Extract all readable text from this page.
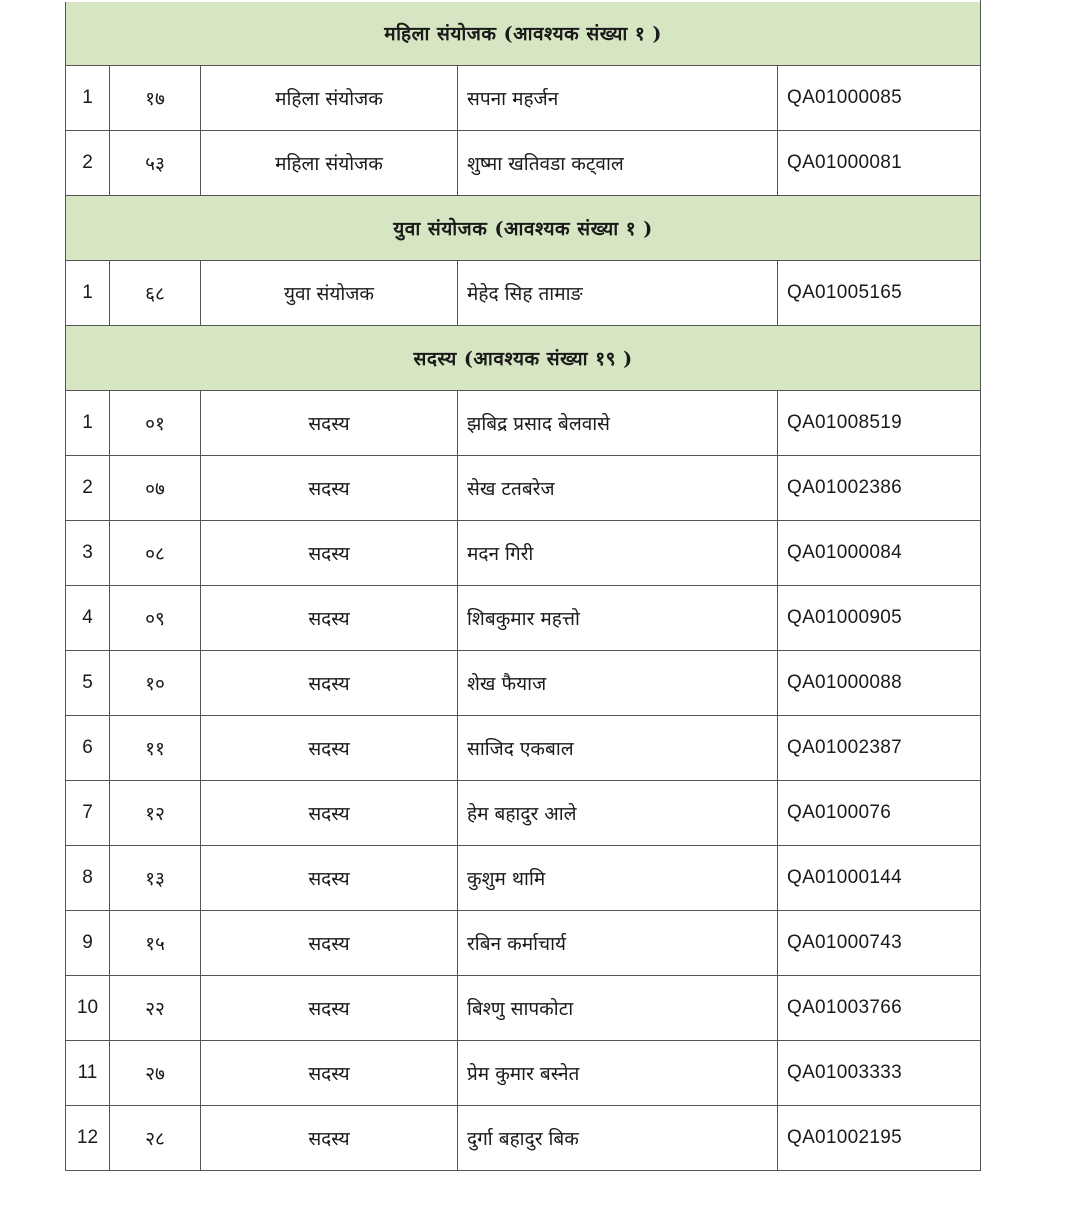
महिला संयोजक (आवश्यक संख्या १ )				
1	१७	महिला संयोजक	सपना महर्जन	QA01000085
2	५३	महिला संयोजक	शुष्मा खतिवडा कट्वाल	QA01000081
युवा संयोजक (आवश्यक संख्या १ )				
1	६८	युवा संयोजक	मेहेद सिह तामाङ	QA01005165
सदस्य (आवश्यक संख्या १९ )				
1	०१	सदस्य	झबिद्र प्रसाद बेलवासे	QA01008519
2	०७	सदस्य	सेख टतबरेज	QA01002386
3	०८	सदस्य	मदन गिरी	QA01000084
4	०९	सदस्य	शिबकुमार महत्तो	QA01000905
5	१०	सदस्य	शेख फैयाज	QA01000088
6	११	सदस्य	साजिद एकबाल	QA01002387
7	१२	सदस्य	हेम बहादुर आले	QA0100076
8	१३	सदस्य	कुशुम थामि	QA01000144
9	१५	सदस्य	रबिन कर्माचार्य	QA01000743
10	२२	सदस्य	बिश्णु सापकोटा	QA01003766
11	२७	सदस्य	प्रेम कुमार बस्नेत	QA01003333
12	२८	सदस्य	दुर्गा बहादुर बिक	QA01002195
